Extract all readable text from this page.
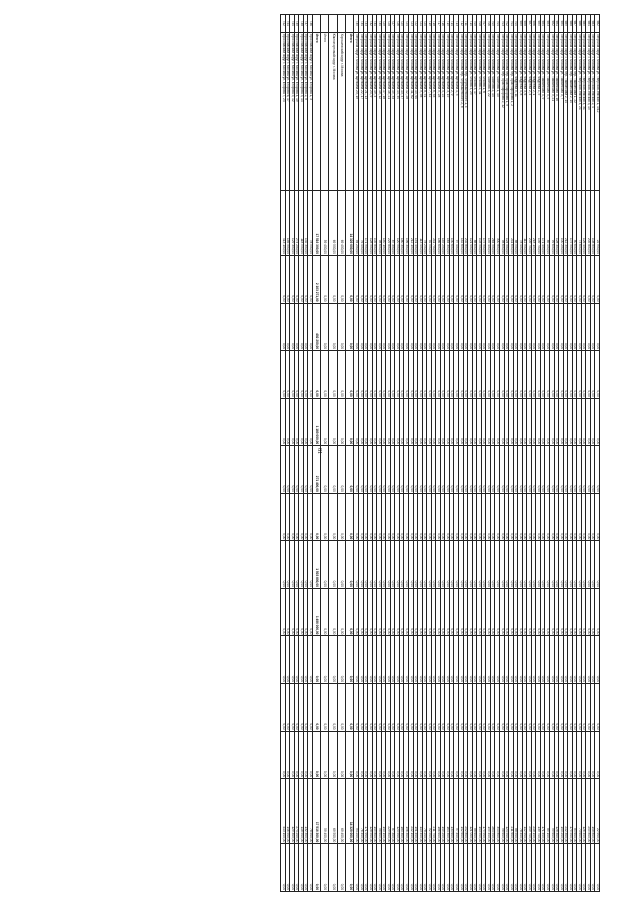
682	Тверской округ г. Москва ул. Тверская-Ямская 1, 1/12	22 900,00	0,00	0,00	0,00	0,00	0,00	0,00	0,00	0,00	0,00	0,00	0,00	22 900,00	0,00
683	Тверской округ г. Москва ул. Тверская-Ямская 2, 4	108 800,00	0,00	0,00	0,00	0,00	0,00	0,00	0,00	0,00	0,00	0,00	0,00	108 800,00	0,00
684	Тверской округ г. Москва ул. Тверская-Ямская 3, 15	205 800,00	0,00	0,00	0,00	0,00	0,00	0,00	0,00	0,00	0,00	0,00	0,00	205 800,00	0,00
685	Тверской округ г. Москва ул. Тверская-Ямская 4, 31	126 400,00	0,00	0,00	0,00	0,00	0,00	0,00	0,00	0,00	0,00	0,00	0,00	126 400,00	0,00
686	Тверской округ г. Москва ул. Тверская-Ямская 4, 21	73 600,00	0,00	0,00	0,00	0,00	0,00	0,00	0,00	0,00	0,00	0,00	0,00	73 600,00	0,00
687	Тверской округ г. Москва пер. Тихвинский 1, 22	80 600,00	0,00	0,00	0,00	0,00	0,00	0,00	0,00	0,00	0,00	0,00	0,00	80 600,00	0,00
688	Тверской округ г. Москва пер. Тихвинский 2, 10	175 500,00	0,00	0,00	0,00	0,00	0,00	0,00	0,00	0,00	0,00	0,00	0,00	175 500,00	0,00
689	Тверской округ г. Москва пер. Тихвинский 2, 14	212 300,00	0,00	0,00	0,00	0,00	0,00	0,00	0,00	0,00	0,00	0,00	0,00	212 300,00	0,00
690	Тверской округ г. Москва ул. Тихвинская 3, 7	100 200,00	0,00	0,00	0,00	0,00	0,00	0,00	0,00	0,00	0,00	0,00	0,00	100 200,00	0,00
691	Тверской округ г. Москва ул. Тихвинская 3, 16	128 300,00	0,00	0,00	0,00	0,00	0,00	0,00	0,00	0,00	0,00	0,00	0,00	128 300,00	0,00
692	Тверской округ г. Москва ул. Тихвинская 3, 21	99 600,00	0,00	0,00	0,00	0,00	0,00	0,00	0,00	0,00	0,00	0,00	0,00	99 600,00	0,00
693	Тверской округ г. Москва ул. Тихвинская 4, 5	85 100,00	0,00	0,00	0,00	0,00	0,00	0,00	0,00	0,00	0,00	0,00	0,00	85 100,00	0,00
694	Тверской округ г. Москва ул. Тихвинская 4, 9	171 400,00	0,00	0,00	0,00	0,00	0,00	0,00	0,00	0,00	0,00	0,00	0,00	171 400,00	0,00
695	Тверской округ г. Москва ул. Фадеева 1, 5	139 700,00	0,00	0,00	0,00	0,00	0,00	0,00	0,00	0,00	0,00	0,00	0,00	139 700,00	0,00
696	Тверской округ г. Москва ул. Фадеева 2, 1	218 100,00	0,00	0,00	0,00	0,00	0,00	0,00	0,00	0,00	0,00	0,00	0,00	218 100,00	0,00
697	Тверской округ г. Москва ул. Фадеева 2, 4	209 700,00	0,00	0,00	0,00	0,00	0,00	0,00	0,00	0,00	0,00	0,00	0,00	209 700,00	0,00
698	Тверской округ г. Москва ул. Фадеева 3, 6	112 900,00	0,00	0,00	0,00	0,00	0,00	0,00	0,00	0,00	0,00	0,00	0,00	112 900,00	0,00
699	Тверской округ г. Москва ул. Фадеева 4, 8	78 400,00	0,00	0,00	0,00	0,00	0,00	0,00	0,00	0,00	0,00	0,00	0,00	78 400,00	0,00
700	Тверской округ г. Москва ул. Фадеева 5, 11	88 500,00	0,00	0,00	0,00	0,00	0,00	0,00	0,00	0,00	0,00	0,00	0,00	88 500,00	0,00
701	Тверской округ г. Москва пер. Христофорова 1, 2	211 600,00	0,00	0,00	0,00	0,00	0,00	0,00	0,00	0,00	0,00	0,00	0,00	211 600,00	0,00
702	Тверской округ г. Москва пер. Христофорова 1, 9	124 500,00	0,00	0,00	0,00	0,00	0,00	0,00	0,00	0,00	0,00	0,00	0,00	124 500,00	0,00
703	Тверской округ г. Москва пер. Христофорова 2, 12	98 600,00	0,00	0,00	0,00	0,00	0,00	0,00	0,00	0,00	0,00	0,00	0,00	98 600,00	0,00
704	Тверской округ г. Москва ул. Чаянова 1, 10	300 800,00	0,00	0,00	0,00	0,00	0,00	0,00	0,00	0,00	0,00	0,00	0,00	300 800,00	0,00
705	Тверской округ г. Москва ул. Чаянова 2, 14	264 500,00	0,00	0,00	0,00	0,00	0,00	0,00	0,00	0,00	0,00	0,00	0,00	264 500,00	0,00
706	Тверской округ г. Москва ул. Чаянова 3, 22	155 400,00	0,00	0,00	0,00	0,00	0,00	0,00	0,00	0,00	0,00	0,00	0,00	155 400,00	0,00
707	Тверской округ г. Москва ул. Чехова 1, 6	175 900,00	0,00	0,00	0,00	0,00	0,00	0,00	0,00	0,00	0,00	0,00	0,00	175 900,00	0,00
708	Тверской округ г. Москва ул. Чехова 2, 11	103 500,00	0,00	0,00	0,00	0,00	0,00	0,00	0,00	0,00	0,00	0,00	0,00	103 500,00	0,00
709	Тверской округ г. Москва ул. Чехова 3, 17	88 600,00	0,00	0,00	0,00	0,00	0,00	0,00	0,00	0,00	0,00	0,00	0,00	88 600,00	0,00
710	Тверской округ г. Москва ул. Чехова 4, 25	121 000,00	0,00	0,00	0,00	0,00	0,00	0,00	0,00	0,00	0,00	0,00	0,00	121 000,00	0,00
711	Тверской округ г. Москва пер. Чернышевского 1, 4	202 800,00	0,00	0,00	0,00	0,00	0,00	0,00	0,00	0,00	0,00	0,00	0,00	202 800,00	0,00
712	Тверской округ г. Москва пер. Чернышевского 2, 8	142 600,00	0,00	0,00	0,00	0,00	0,00	0,00	0,00	0,00	0,00	0,00	0,00	142 600,00	0,00
713	Тверской округ г. Москва ул. Щепкина 1, 3	97 400,00	0,00	0,00	0,00	0,00	0,00	0,00	0,00	0,00	0,00	0,00	0,00	97 400,00	0,00
714	Тверской округ г. Москва ул. Щепкина 2, 9	130 600,00	0,00	0,00	0,00	0,00	0,00	0,00	0,00	0,00	0,00	0,00	0,00	130 600,00	0,00
715	Тверской округ г. Москва ул. Щепкина 3, 15	164 300,00	0,00	0,00	0,00	0,00	0,00	0,00	0,00	0,00	0,00	0,00	0,00	164 300,00	0,00
716	Тверской округ г. Москва ул. Щепкина 4, 22	145 200,00	0,00	0,00	0,00	0,00	0,00	0,00	0,00	0,00	0,00	0,00	0,00	145 200,00	0,00
717	Тверской округ г. Москва ул. Щепкина 5, 28	186 600,00	0,00	0,00	0,00	0,00	0,00	0,00	0,00	0,00	0,00	0,00	0,00	186 600,00	0,00
718	Тверской округ г. Москва ул. Щепкина 6, 33	211 700,00	0,00	0,00	0,00	0,00	0,00	0,00	0,00	0,00	0,00	0,00	0,00	211 700,00	0,00
719	Тверской округ г. Москва ул. Щепкина 7, 42	92 500,00	0,00	0,00	0,00	0,00	0,00	0,00	0,00	0,00	0,00	0,00	0,00	92 500,00	0,00
720	Тверской округ г. Москва ул. Щепкина 8, 51	78 200,00	0,00	0,00	0,00	0,00	0,00	0,00	0,00	0,00	0,00	0,00	0,00	78 200,00	0,00
721	Тверской округ г. Москва ул. Щепкина 9, 58	113 400,00	0,00	0,00	0,00	0,00	0,00	0,00	0,00	0,00	0,00	0,00	0,00	113 400,00	0,00
722	Тверской округ г. Москва ул. Щепкина 10, 60	151 400,00	0,00	0,00	0,00	0,00	0,00	0,00	0,00	0,00	0,00	0,00	0,00	151 400,00	0,00
723	Тверской округ г. Москва ул. Щепкина 11, 62	212 100,00	0,00	0,00	0,00	0,00	0,00	0,00	0,00	0,00	0,00	0,00	0,00	212 100,00	0,00
724	Тверской округ г. Москва ул. Щепкина 12, 28	196 300,00	0,00	0,00	0,00	0,00	0,00	0,00	0,00	0,00	0,00	0,00	0,00	196 300,00	0,00
725	Тверской округ г. Москва ул. Щепкина 13, 47	180 300,00	0,00	0,00	0,00	0,00	0,00	0,00	0,00	0,00	0,00	0,00	0,00	180 300,00	0,00
726	Тверской округ г. Москва ул. Щепкина 14, 40	120 500,00	0,00	0,00	0,00	0,00	0,00	0,00	0,00	0,00	0,00	0,00	0,00	120 500,00	0,00
727	Тверской округ г. Москва ул. Щепкина 15, 33	87 300,00	0,00	0,00	0,00	0,00	0,00	0,00	0,00	0,00	0,00	0,00	0,00	87 300,00	0,00
728	Тверской округ г. Москва ул. Щепкина 16, 21	229 800,00	0,00	0,00	0,00	0,00	0,00	0,00	0,00	0,00	0,00	0,00	0,00	229 800,00	0,00
729	Тверской округ г. Москва ул. Щепкина 17, 18	140 100,00	0,00	0,00	0,00	0,00	0,00	0,00	0,00	0,00	0,00	0,00	0,00	140 100,00	0,00
730	Тверской округ г. Москва ул. Щепкина 18, 12	98 600,00	0,00	0,00	0,00	0,00	0,00	0,00	0,00	0,00	0,00	0,00	0,00	98 600,00	0,00
731	Тверской округ г. Москва ул. Щепкина 19, 4	105 800,00	0,00	0,00	0,00	0,00	0,00	0,00	0,00	0,00	0,00	0,00	0,00	105 800,00	0,00
732	Тверской округ г. Москва ул. Щепкина 20, 9	128 500,00	0,00	0,00	0,00	0,00	0,00	0,00	0,00	0,00	0,00	0,00	0,00	128 500,00	0,00
733	Тверской округ г. Москва ул. Щепкина 21, 13	171 900,00	0,00	0,00	0,00	0,00	0,00	0,00	0,00	0,00	0,00	0,00	0,00	171 900,00	0,00
734	Тверской округ г. Москва ул. Щепкина 22, 17	76 400,00	0,00	0,00	0,00	0,00	0,00	0,00	0,00	0,00	0,00	0,00	0,00	76 400,00	0,00
735	Тверской округ г. Москва ул. Щепкина 23, 19	94 200,00	0,00	0,00	0,00	0,00	0,00	0,00	0,00	0,00	0,00	0,00	0,00	94 200,00	0,00
	Итого	14 329 000,00	0,00	0,00	0,00	0,00	0,00	0,00	0,00	0,00	0,00	0,00	0,00	14 329 000,00	0,00
	Хорошевский округ г. Москва	69 400,00	0,00	0,00	0,00	0,00	0,00	0,00	0,00	0,00	0,00	0,00	0,00	69 400,00	0,00
	Южнопортовый округ г. Москва	69 500,00	0,00	0,00	0,00	0,00	0,00	0,00	0,00	0,00	0,00	0,00	0,00	69 500,00	0,00
	Итого	59 400,00	0,00	0,00	0,00	0,00	0,00	0,00	0,00	0,00	0,00	0,00	0,00	59 400,00	0,00
	Итого	17 516 300,00	2 163 271,00	402 200,00	0,00	1 189 000,00	271 400,00	0,00	1 503 800,00	1 496 000,00	0,00	0,00	0,00	17 516 300,00	0,00
736	Ярославский округ г. Москва ул. Егорова 1, 3	78 500,00	0,00	0,00	0,00	0,00	0,00	0,00	0,00	0,00	0,00	0,00	0,00	78 500,00	0,00
737	Ярославский округ г. Москва ул. Егорова 2, 8	132 300,00	0,00	0,00	0,00	0,00	0,00	0,00	0,00	0,00	0,00	0,00	0,00	132 300,00	0,00
738	Ярославский округ г. Москва ул. Егорова 3, 14	118 500,00	0,00	0,00	0,00	0,00	0,00	0,00	0,00	0,00	0,00	0,00	0,00	118 500,00	0,00
739	Ярославский округ г. Москва ул. Егорова 4, 19	274 200,00	0,00	0,00	0,00	0,00	0,00	0,00	0,00	0,00	0,00	0,00	0,00	274 200,00	0,00
740	Ярославский округ г. Москва ул. Егорова 5, 12	129 300,00	0,00	0,00	0,00	0,00	0,00	0,00	0,00	0,00	0,00	0,00	0,00	129 300,00	0,00
741	Ярославский округ г. Москва ул. Егорова 6, 17	146 500,00	0,00	0,00	0,00	0,00	0,00	0,00	0,00	0,00	0,00	0,00	0,00	146 500,00	0,00
742	Ярославский округ г. Москва ул. Егорова 7, 24	413 100,00	0,00	0,00	0,00	0,00	0,00	0,00	0,00	0,00	0,00	0,00	0,00	413 100,00	0,00
81
